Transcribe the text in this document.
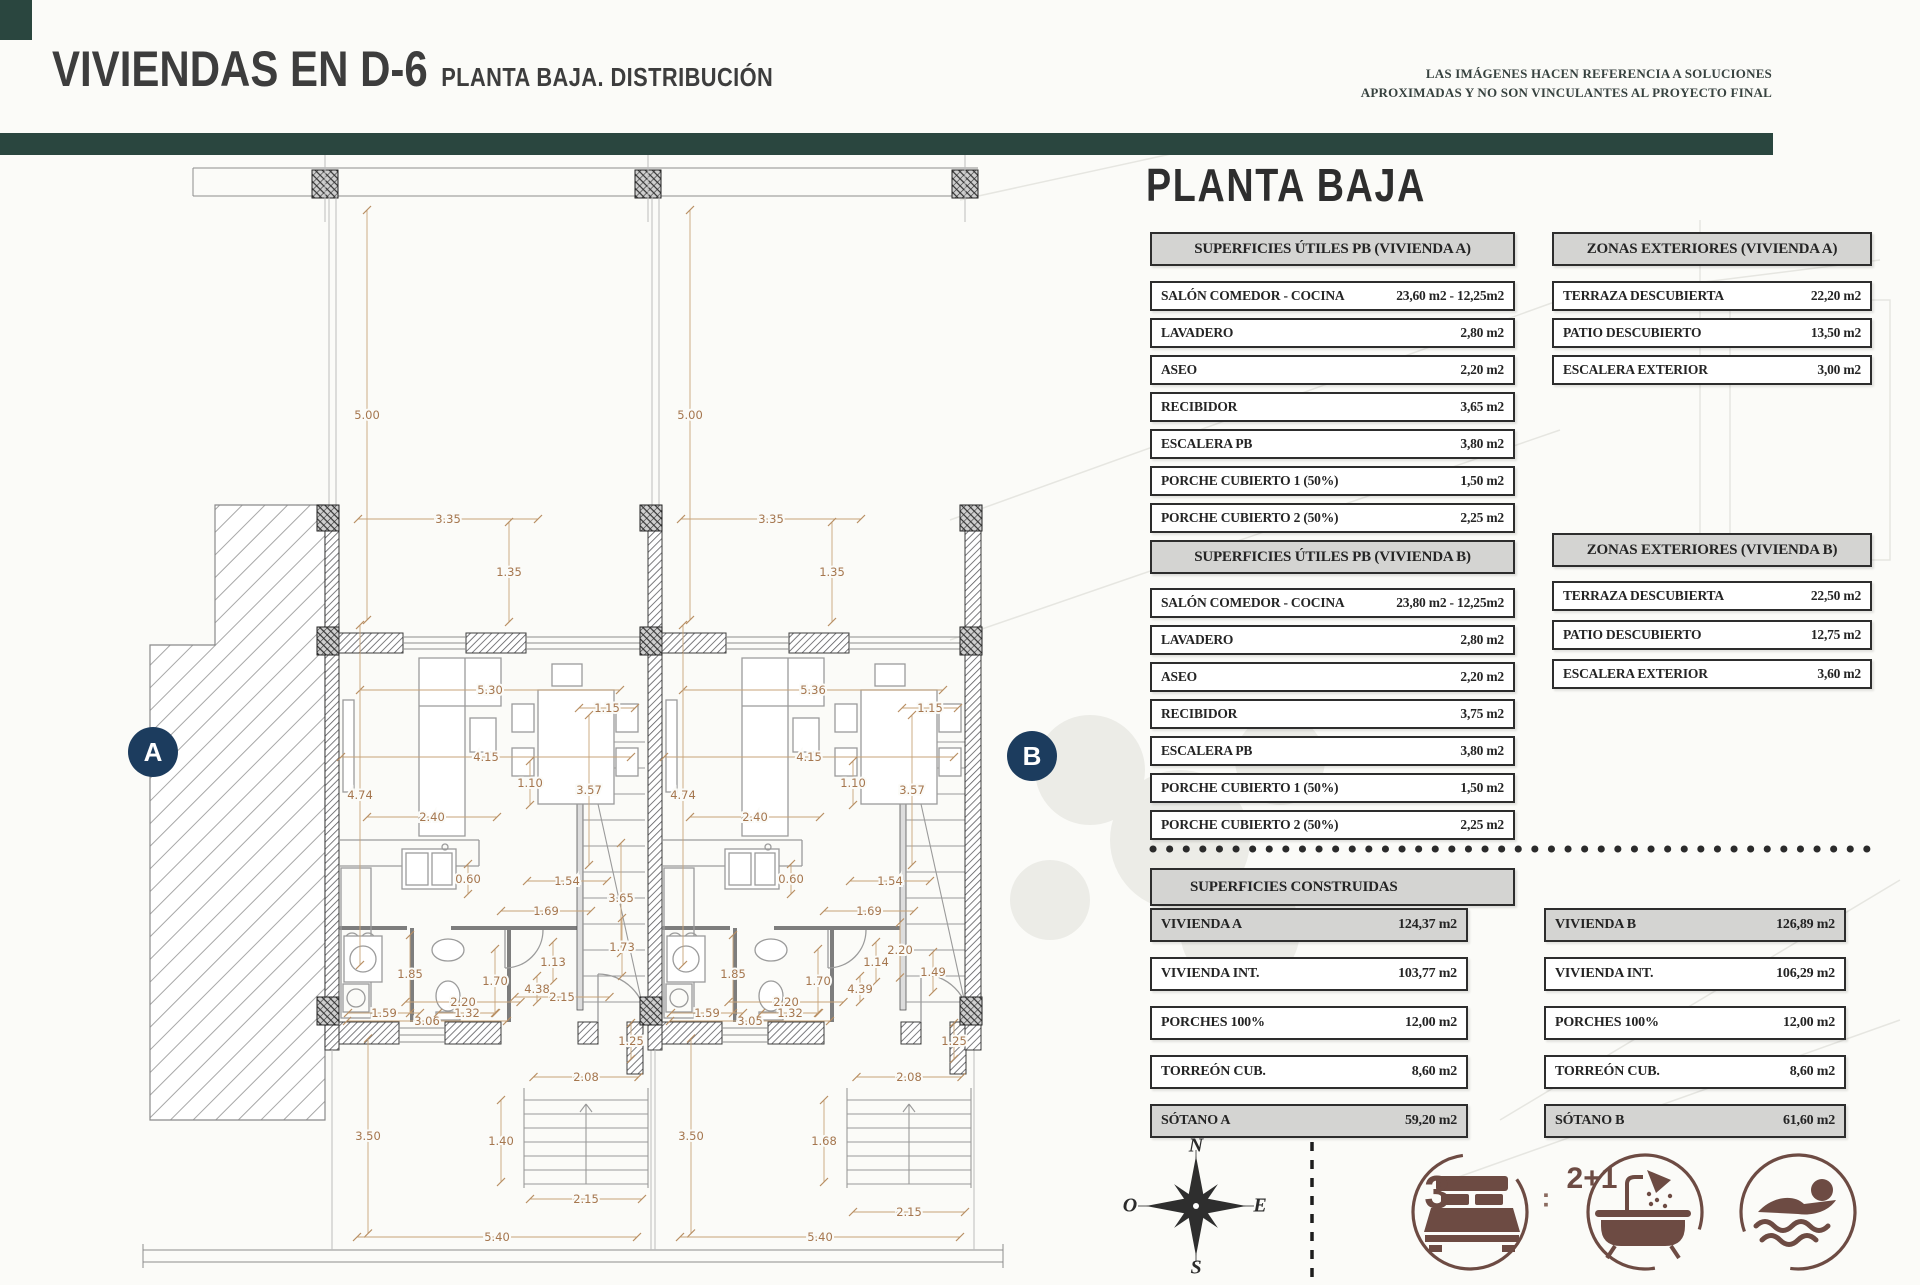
5.00
3.35
1.35
5.30
4.74	3.57
1.15
4.15
1.10
2.40
0.60	1.54
1.69
3.65
2.20
3.06
1.13
4.38
1.85	1.70
1.73
2.15
1.59	1.32
1.25
2.08
1.40
3.50
2.15
5.40
5.00
3.35
1.35
5.36
4.74	3.57
1.15
4.15
1.10
2.40
0.60	1.54
1.69
2.20
3.05
1.14
4.39
1.85	1.70
2.20
1.49
1.59	1.32
1.25
2.08
1.68
3.50
2.15
5.40
VIVIENDAS EN D-6 PLANTA BAJA. DISTRIBUCIÓN	LAS IMÁGENES HACEN REFERENCIA A SOLUCIONES
APROXIMADAS Y NO SON VINCULANTES AL PROYECTO FINAL
PLANTA BAJA
SUPERFICIES ÚTILES PB (VIVIENDA A)
SALÓN COMEDOR - COCINA	23,60 m2 - 12,25m2
LAVADERO	2,80 m2
ASEO	2,20 m2
RECIBIDOR	3,65 m2
ESCALERA PB	3,80 m2
PORCHE CUBIERTO 1 (50%)	1,50 m2
PORCHE CUBIERTO 2 (50%)	2,25 m2
ZONAS EXTERIORES (VIVIENDA A)
TERRAZA DESCUBIERTA	22,20 m2
PATIO DESCUBIERTO	13,50 m2
ESCALERA EXTERIOR	3,00 m2
SUPERFICIES ÚTILES PB (VIVIENDA B)
SALÓN COMEDOR - COCINA	23,80 m2 - 12,25m2
LAVADERO	2,80 m2
ASEO	2,20 m2
RECIBIDOR	3,75 m2
ESCALERA PB	3,80 m2
PORCHE CUBIERTO 1 (50%)	1,50 m2
PORCHE CUBIERTO 2 (50%)	2,25 m2
ZONAS EXTERIORES (VIVIENDA B)
TERRAZA DESCUBIERTA	22,50 m2
PATIO DESCUBIERTO	12,75 m2
ESCALERA EXTERIOR	3,60 m2
SUPERFICIES CONSTRUIDAS
VIVIENDA A	124,37 m2
VIVIENDA INT.	103,77 m2
PORCHES 100%	12,00 m2
TORREÓN CUB.	8,60 m2
SÓTANO A	59,20 m2
VIVIENDA B	126,89 m2
VIVIENDA INT.	106,29 m2
PORCHES 100%	12,00 m2
TORREÓN CUB.	8,60 m2
SÓTANO B	61,60 m2
A	B
N
E
S
O	3	:
2+1
